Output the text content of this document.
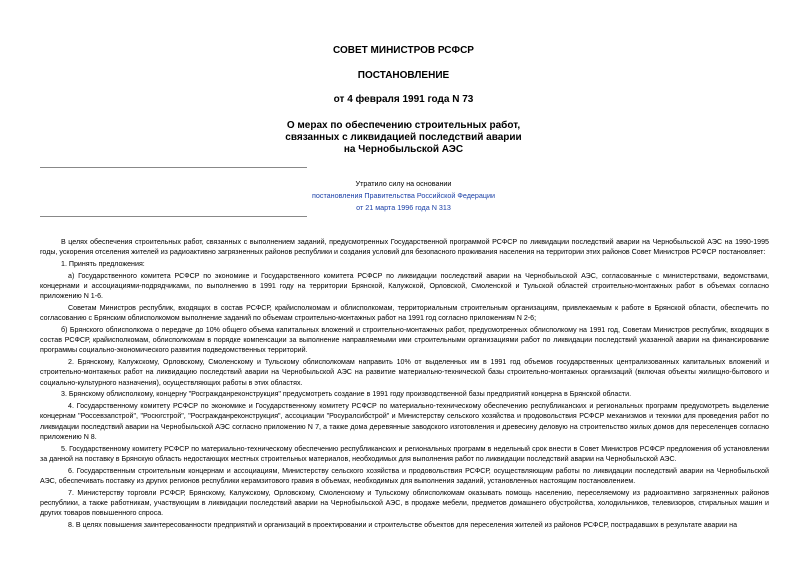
СОВЕТ МИНИСТРОВ РСФСР
ПОСТАНОВЛЕНИЕ
от 4 февраля 1991 года N 73
О мерах по обеспечению строительных работ,
связанных с ликвидацией последствий аварии
на Чернобыльской АЭС
Утратило силу на основании
постановления Правительства Российской Федерации
от 21 марта 1996 года N 313

В целях обеспечения строительных работ, связанных с выполнением заданий, предусмотренных Государственной программой РСФСР по ликвидации последствий аварии на Чернобыльской АЭС на 1990-1995 годы, ускорения отселения жителей из радиоактивно загрязненных районов республики и создания условий для безопасного проживания населения на территории этих районов Совет Министров РСФСР постановляет:

1. Принять предложения:

а) Государственного комитета РСФСР по экономике и Государственного комитета РСФСР по ликвидации последствий аварии на Чернобыльской АЭС, согласованные с министерствами, ведомствами, концернами и ассоциациями-подрядчиками, по выполнению в 1991 году на территории Брянской, Калужской, Орловской, Смоленской и Тульской областей строительно-монтажных работ в объемах согласно приложению N 1-6.

Советам Министров республик, входящих в состав РСФСР, крайисполкомам и облисполкомам, территориальным строительным организациям, привлекаемым к работе в Брянской области, обеспечить по согласованию с Брянским облисполкомом выполнение заданий по объемам строительно-монтажных работ на 1991 год согласно приложениям N 2-6;

б) Брянского облисполкома о передаче до 10% общего объема капитальных вложений и строительно-монтажных работ, предусмотренных облисполкому на 1991 год, Советам Министров республик, входящих в состав РСФСР, крайисполкомам, облисполкомам в порядке компенсации за выполнение направляемыми ими строительными организациями работ по ликвидации последствий указанной аварии на финансирование программы социально-экономического развития подведомственных территорий.

2. Брянскому, Калужскому, Орловскому, Смоленскому и Тульскому облисполкомам направить 10% от выделенных им в 1991 год объемов государственных централизованных капитальных вложений и строительно-монтажных работ на ликвидацию последствий аварии на Чернобыльской АЭС на развитие материально-технической базы строительно-монтажных организаций (включая объекты жилищно-бытового и социально-культурного назначения), осуществляющих работы в этих областях.

3. Брянскому облисполкому, концерну "Росгражданреконструкция" предусмотреть создание в 1991 году производственной базы предприятий концерна в Брянской области.

4. Государственному комитету РСФСР по экономике и Государственному комитету РСФСР по материально-техническому обеспечению республиканских и региональных программ предусмотреть выделение концернам "Россевзапстрой", "Росюгстрой", "Росгражданреконструкция", ассоциации "Росуралсибстрой" и Министерству сельского хозяйства и продовольствия РСФСР механизмов и техники для проведения работ по ликвидации последствий аварии на Чернобыльской АЭС согласно приложению N 7, а также дома деревянные заводского изготовления и древесину деловую на строительство жилых домов для переселенцев согласно приложению N 8.

5. Государственному комитету РСФСР по материально-техническому обеспечению республиканских и региональных программ в недельный срок внести в Совет Министров РСФСР предложения об установлении за данной на поставку в Брянскую область недостающих местных строительных материалов, необходимых для выполнения работ по ликвидации последствий аварии на Чернобыльской АЭС.

6. Государственным строительным концернам и ассоциациям, Министерству сельского хозяйства и продовольствия РСФСР, осуществляющим работы по ликвидации последствий аварии на Чернобыльской АЭС, обеспечивать поставку из других регионов республики керамзитового гравия в объемах, необходимых для выполнения заданий, установленных настоящим постановлением.

7. Министерству торговли РСФСР, Брянскому, Калужскому, Орловскому, Смоленскому и Тульскому облисполкомам оказывать помощь населению, переселяемому из радиоактивно загрязненных районов республики, а также работникам, участвующим в ликвидации последствий аварии на Чернобыльской АЭС, в продаже мебели, предметов домашнего обустройства, холодильников, телевизоров, стиральных машин и других товаров повышенного спроса.

8. В целях повышения заинтересованности предприятий и организаций в проектировании и строительстве объектов для переселения жителей из районов РСФСР, пострадавших в результате аварии на
